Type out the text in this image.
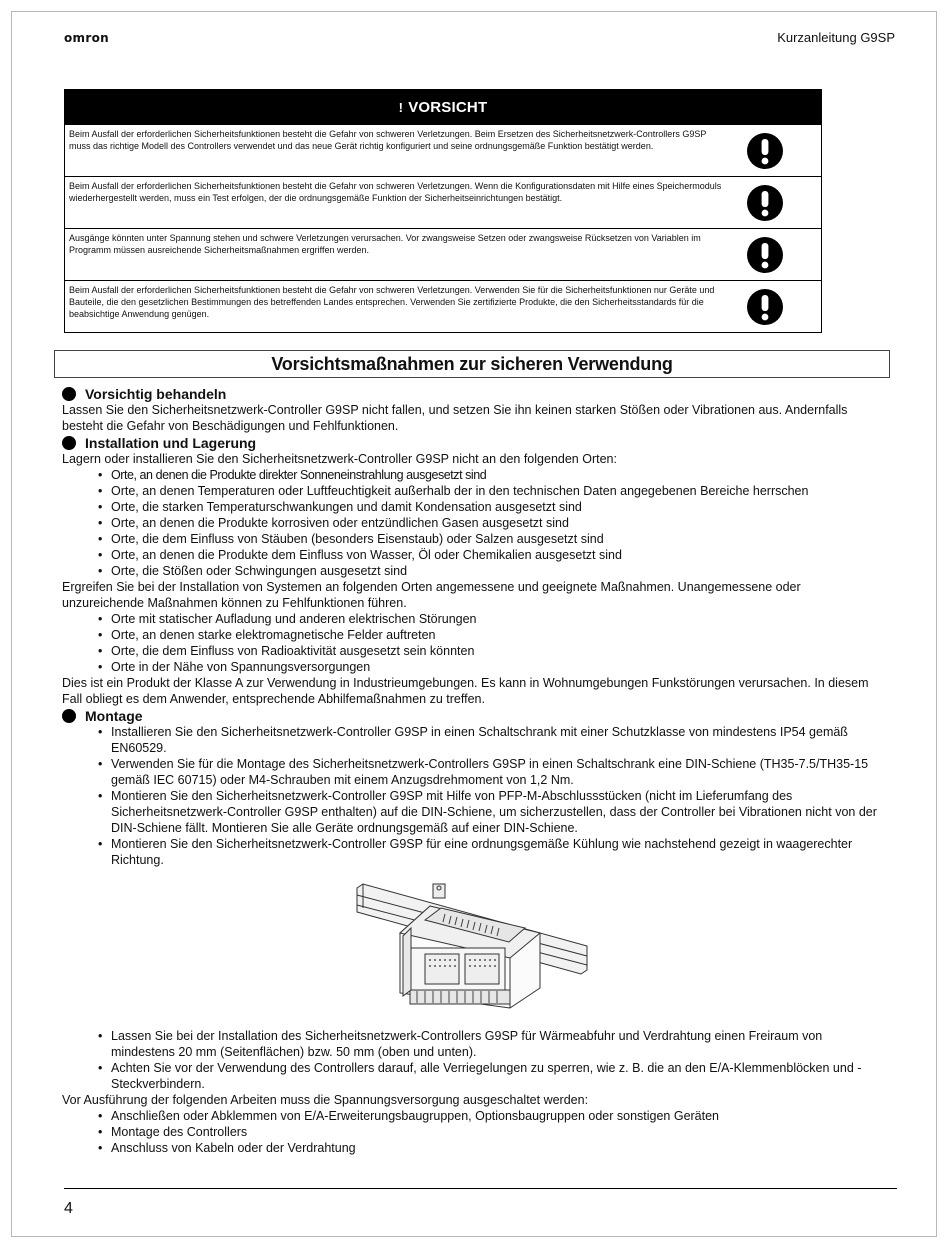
omron	Kurzanleitung G9SP
! VORSICHT
Beim Ausfall der erforderlichen Sicherheitsfunktionen besteht die Gefahr von schweren Verletzungen. Beim Ersetzen des Sicherheitsnetzwerk-Controllers G9SP muss das richtige Modell des Controllers verwendet und das neue Gerät richtig konfiguriert und seine ordnungsgemäße Funktion bestätigt werden.
Beim Ausfall der erforderlichen Sicherheitsfunktionen besteht die Gefahr von schweren Verletzungen. Wenn die Konfigurationsdaten mit Hilfe eines Speichermoduls wiederhergestellt werden, muss ein Test erfolgen, der die ordnungsgemäße Funktion der Sicherheitseinrichtungen bestätigt.
Ausgänge könnten unter Spannung stehen und schwere Verletzungen verursachen. Vor zwangsweise Setzen oder zwangsweise Rücksetzen von Variablen im Programm müssen ausreichende Sicherheitsmaßnahmen ergriffen werden.
Beim Ausfall der erforderlichen Sicherheitsfunktionen besteht die Gefahr von schweren Verletzungen. Verwenden Sie für die Sicherheitsfunktionen nur Geräte und Bauteile, die den gesetzlichen Bestimmungen des betreffenden Landes entsprechen. Verwenden Sie zertifizierte Produkte, die den Sicherheitsstandards für die beabsichtige Anwendung genügen.
Vorsichtsmaßnahmen zur sicheren Verwendung
Vorsichtig behandeln

Lassen Sie den Sicherheitsnetzwerk-Controller G9SP nicht fallen, und setzen Sie ihn keinen starken Stößen oder Vibrationen aus. Andernfalls besteht die Gefahr von Beschädigungen und Fehlfunktionen.

Installation und Lagerung

Lagern oder installieren Sie den Sicherheitsnetzwerk-Controller G9SP nicht an den folgenden Orten:

• Orte, an denen die Produkte direkter Sonneneinstrahlung ausgesetzt sind
• Orte, an denen Temperaturen oder Luftfeuchtigkeit außerhalb der in den technischen Daten angegebenen Bereiche herrschen
• Orte, die starken Temperaturschwankungen und damit Kondensation ausgesetzt sind
• Orte, an denen die Produkte korrosiven oder entzündlichen Gasen ausgesetzt sind
• Orte, die dem Einfluss von Stäuben (besonders Eisenstaub) oder Salzen ausgesetzt sind
• Orte, an denen die Produkte dem Einfluss von Wasser, Öl oder Chemikalien ausgesetzt sind
• Orte, die Stößen oder Schwingungen ausgesetzt sind

Ergreifen Sie bei der Installation von Systemen an folgenden Orten angemessene und geeignete Maßnahmen. Unangemessene oder unzureichende Maßnahmen können zu Fehlfunktionen führen.

• Orte mit statischer Aufladung und anderen elektrischen Störungen
• Orte, an denen starke elektromagnetische Felder auftreten
• Orte, die dem Einfluss von Radioaktivität ausgesetzt sein könnten
• Orte in der Nähe von Spannungsversorgungen

Dies ist ein Produkt der Klasse A zur Verwendung in Industrieumgebungen. Es kann in Wohnumgebungen Funkstörungen verursachen. In diesem Fall obliegt es dem Anwender, entsprechende Abhilfemaßnahmen zu treffen.

Montage
• Installieren Sie den Sicherheitsnetzwerk-Controller G9SP in einen Schaltschrank mit einer Schutzklasse von mindestens IP54 gemäß EN60529.
• Verwenden Sie für die Montage des Sicherheitsnetzwerk-Controllers G9SP in einen Schaltschrank eine DIN-Schiene (TH35-7.5/TH35-15 gemäß IEC 60715) oder M4-Schrauben mit einem Anzugsdrehmoment von 1,2 Nm.
• Montieren Sie den Sicherheitsnetzwerk-Controller G9SP mit Hilfe von PFP-M-Abschlussstücken (nicht im Lieferumfang des Sicherheitsnetzwerk-Controller G9SP enthalten) auf die DIN-Schiene, um sicherzustellen, dass der Controller bei Vibrationen nicht von der DIN-Schiene fällt. Montieren Sie alle Geräte ordnungsgemäß auf einer DIN-Schiene.
• Montieren Sie den Sicherheitsnetzwerk-Controller G9SP für eine ordnungsgemäße Kühlung wie nachstehend gezeigt in waagerechter Richtung.
• Lassen Sie bei der Installation des Sicherheitsnetzwerk-Controllers G9SP für Wärmeabfuhr und Verdrahtung einen Freiraum von mindestens 20 mm (Seitenflächen) bzw. 50 mm (oben und unten).
• Achten Sie vor der Verwendung des Controllers darauf, alle Verriegelungen zu sperren, wie z. B. die an den E/A-Klemmenblöcken und -Steckverbindern.

Vor Ausführung der folgenden Arbeiten muss die Spannungsversorgung ausgeschaltet werden:

• Anschließen oder Abklemmen von E/A-Erweiterungsbaugruppen, Optionsbaugruppen oder sonstigen Geräten
• Montage des Controllers
• Anschluss von Kabeln oder der Verdrahtung
4
